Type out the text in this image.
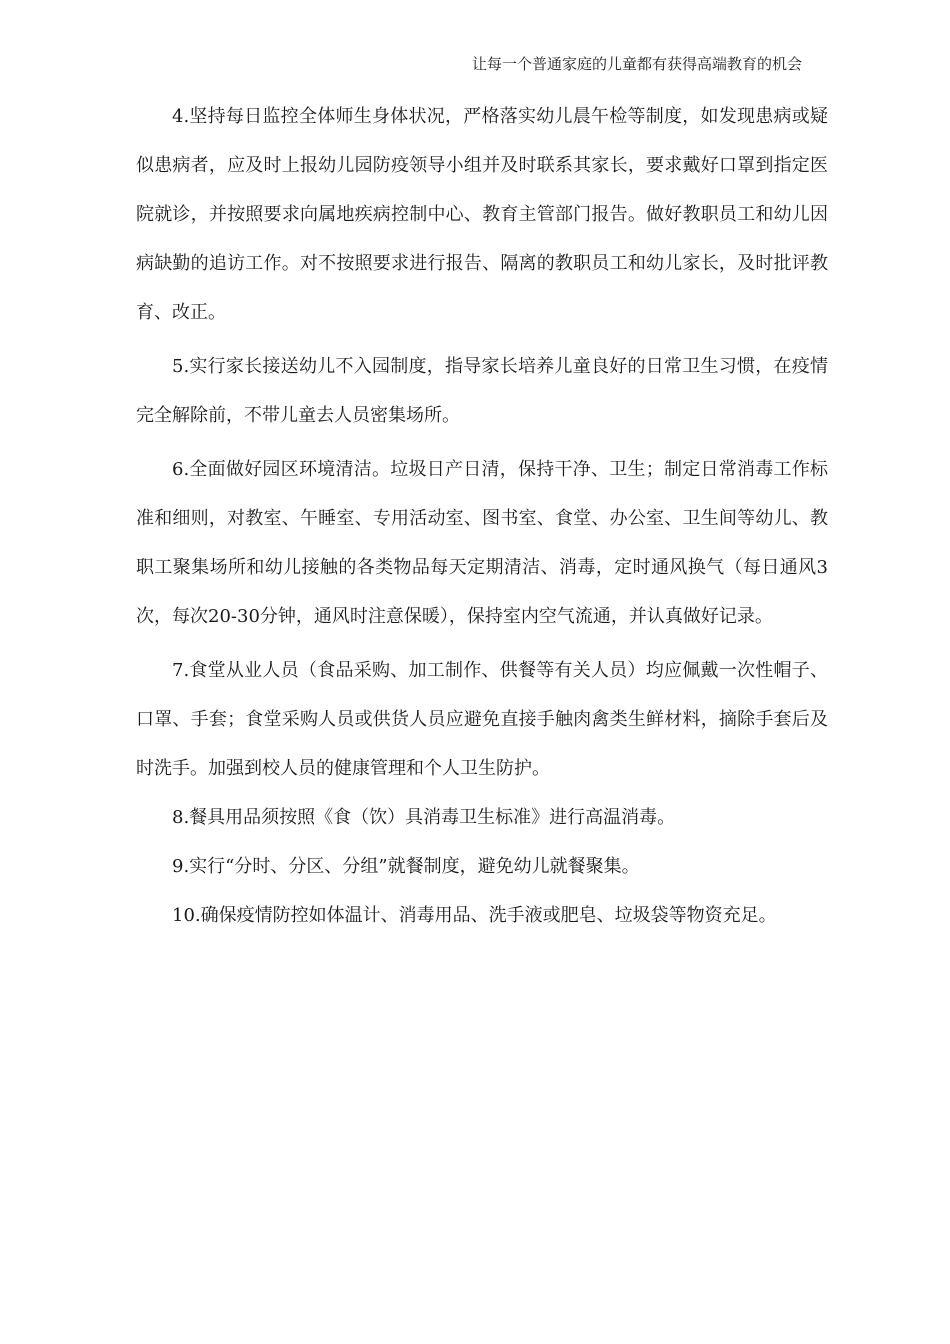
让每一个普通家庭的儿童都有获得高端教育的机会

4.坚持每日监控全体师生身体状况，严格落实幼儿晨午检等制度，如发现患病或疑似患病者，应及时上报幼儿园防疫领导小组并及时联系其家长，要求戴好口罩到指定医院就诊，并按照要求向属地疾病控制中心、教育主管部门报告。做好教职员工和幼儿因病缺勤的追访工作。对不按照要求进行报告、隔离的教职员工和幼儿家长，及时批评教育、改正。

5.实行家长接送幼儿不入园制度，指导家长培养儿童良好的日常卫生习惯，在疫情完全解除前，不带儿童去人员密集场所。

6.全面做好园区环境清洁。垃圾日产日清，保持干净、卫生；制定日常消毒工作标准和细则，对教室、午睡室、专用活动室、图书室、食堂、办公室、卫生间等幼儿、教职工聚集场所和幼儿接触的各类物品每天定期清洁、消毒，定时通风换气（每日通风3次，每次20-30分钟，通风时注意保暖），保持室内空气流通，并认真做好记录。

7.食堂从业人员（食品采购、加工制作、供餐等有关人员）均应佩戴一次性帽子、口罩、手套；食堂采购人员或供货人员应避免直接手触肉禽类生鲜材料，摘除手套后及时洗手。加强到校人员的健康管理和个人卫生防护。

8.餐具用品须按照《食（饮）具消毒卫生标准》进行高温消毒。

9.实行“分时、分区、分组”就餐制度，避免幼儿就餐聚集。

10.确保疫情防控如体温计、消毒用品、洗手液或肥皂、垃圾袋等物资充足。
